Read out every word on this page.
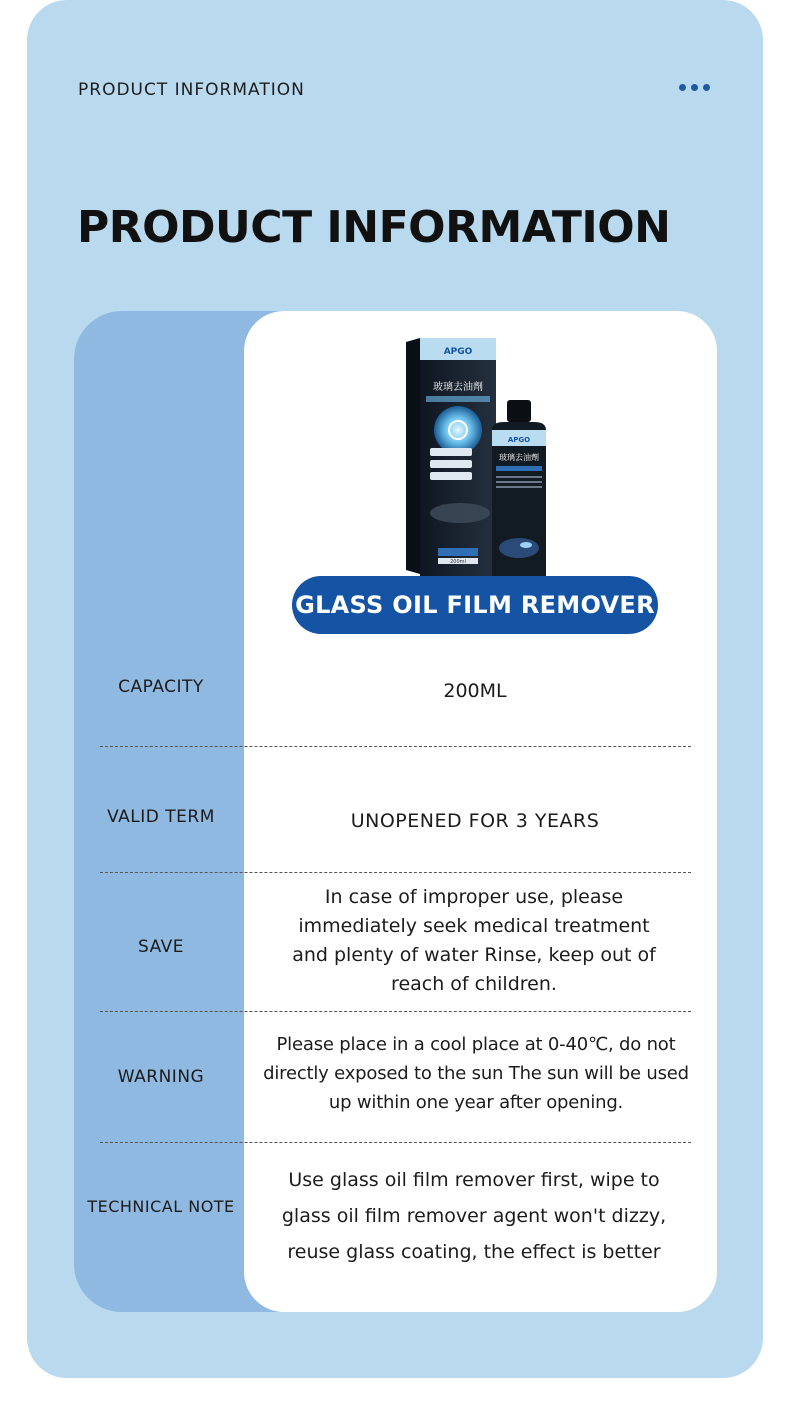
PRODUCT INFORMATION
PRODUCT INFORMATION
APGO
玻璃去油劑
200ml
APGO
玻璃去油劑
GLASS OIL FILM REMOVER
CAPACITY	200ML
VALID TERM	UNOPENED FOR 3 YEARS
SAVE
In case of improper use, please immediately seek medical treatment and plenty of water Rinse, keep out of reach of children.
WARNING
Please place in a cool place at 0-40℃, do not directly exposed to the sun The sun will be used up within one year after opening.
TECHNICAL NOTE
Use glass oil film remover first, wipe to glass oil film remover agent won't dizzy, reuse glass coating, the effect is better
